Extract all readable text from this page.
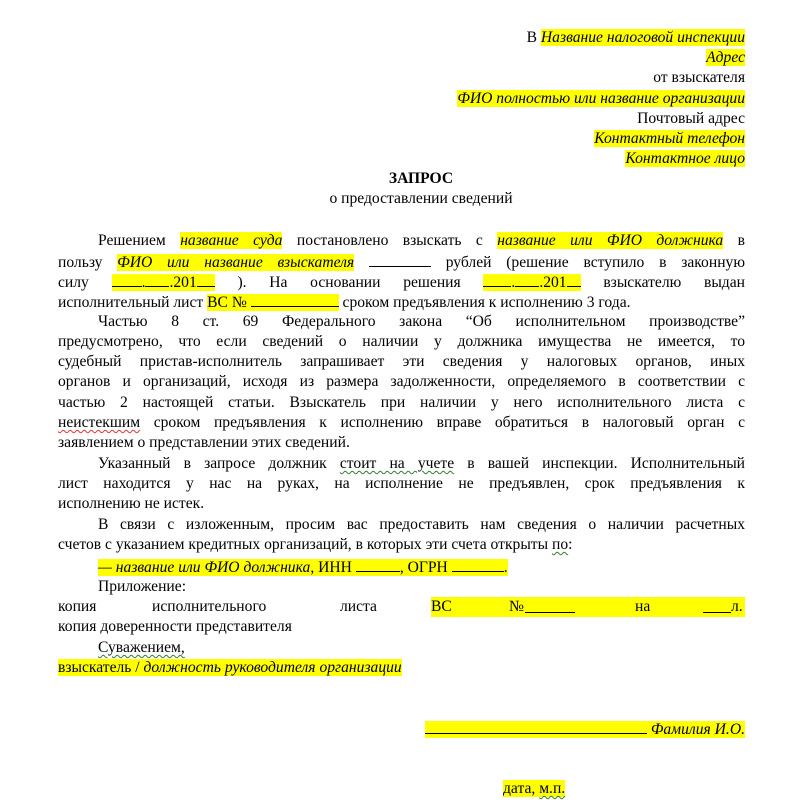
В Название налоговой инспекции
Адрес
от взыскателя
ФИО полностью или название организации
Почтовый адрес
Контактный телефон
Контактное лицо
ЗАПРОС
о предоставлении сведений
Решением название суда постановлено взыскать с название или ФИО должника в
пользу ФИО или название взыскателя	рублей (решение вступило в законную
силу	. .201	). На основании решения	. .201 взыскателю выдан
исполнительный лист ВС №	сроком предъявления к исполнению 3 года.
Частью 8 ст. 69 Федерального закона “Об исполнительном производстве”
предусмотрено, что если сведений о наличии у должника имущества не имеется, то
судебный пристав-исполнитель запрашивает эти сведения у налоговых органов, иных
органов и организаций, исходя из размера задолженности, определяемого в соответствии с
частью 2 настоящей статьи. Взыскатель при наличии у него исполнительного листа с
неистекшим сроком предъявления к исполнению вправе обратиться в налоговый орган с
заявлением о представлении этих сведений.
Указанный в запросе должник стоит на учете в вашей инспекции. Исполнительный
лист находится у нас на руках, на исполнение не предъявлен, срок предъявления к
исполнению не истек.
В связи с изложенным, просим вас предоставить нам сведения о наличии расчетных
счетов с указанием кредитных организаций, в которых эти счета открыты по:
— название или ФИО должника, ИНН	, ОГРН	.
Приложение:
копия	исполнительного	листа	ВС	№	на	л.
копия доверенности представителя
Суважением,
взыскатель / должность руководителя организации
Фамилия И.О.
дата, м.п.
